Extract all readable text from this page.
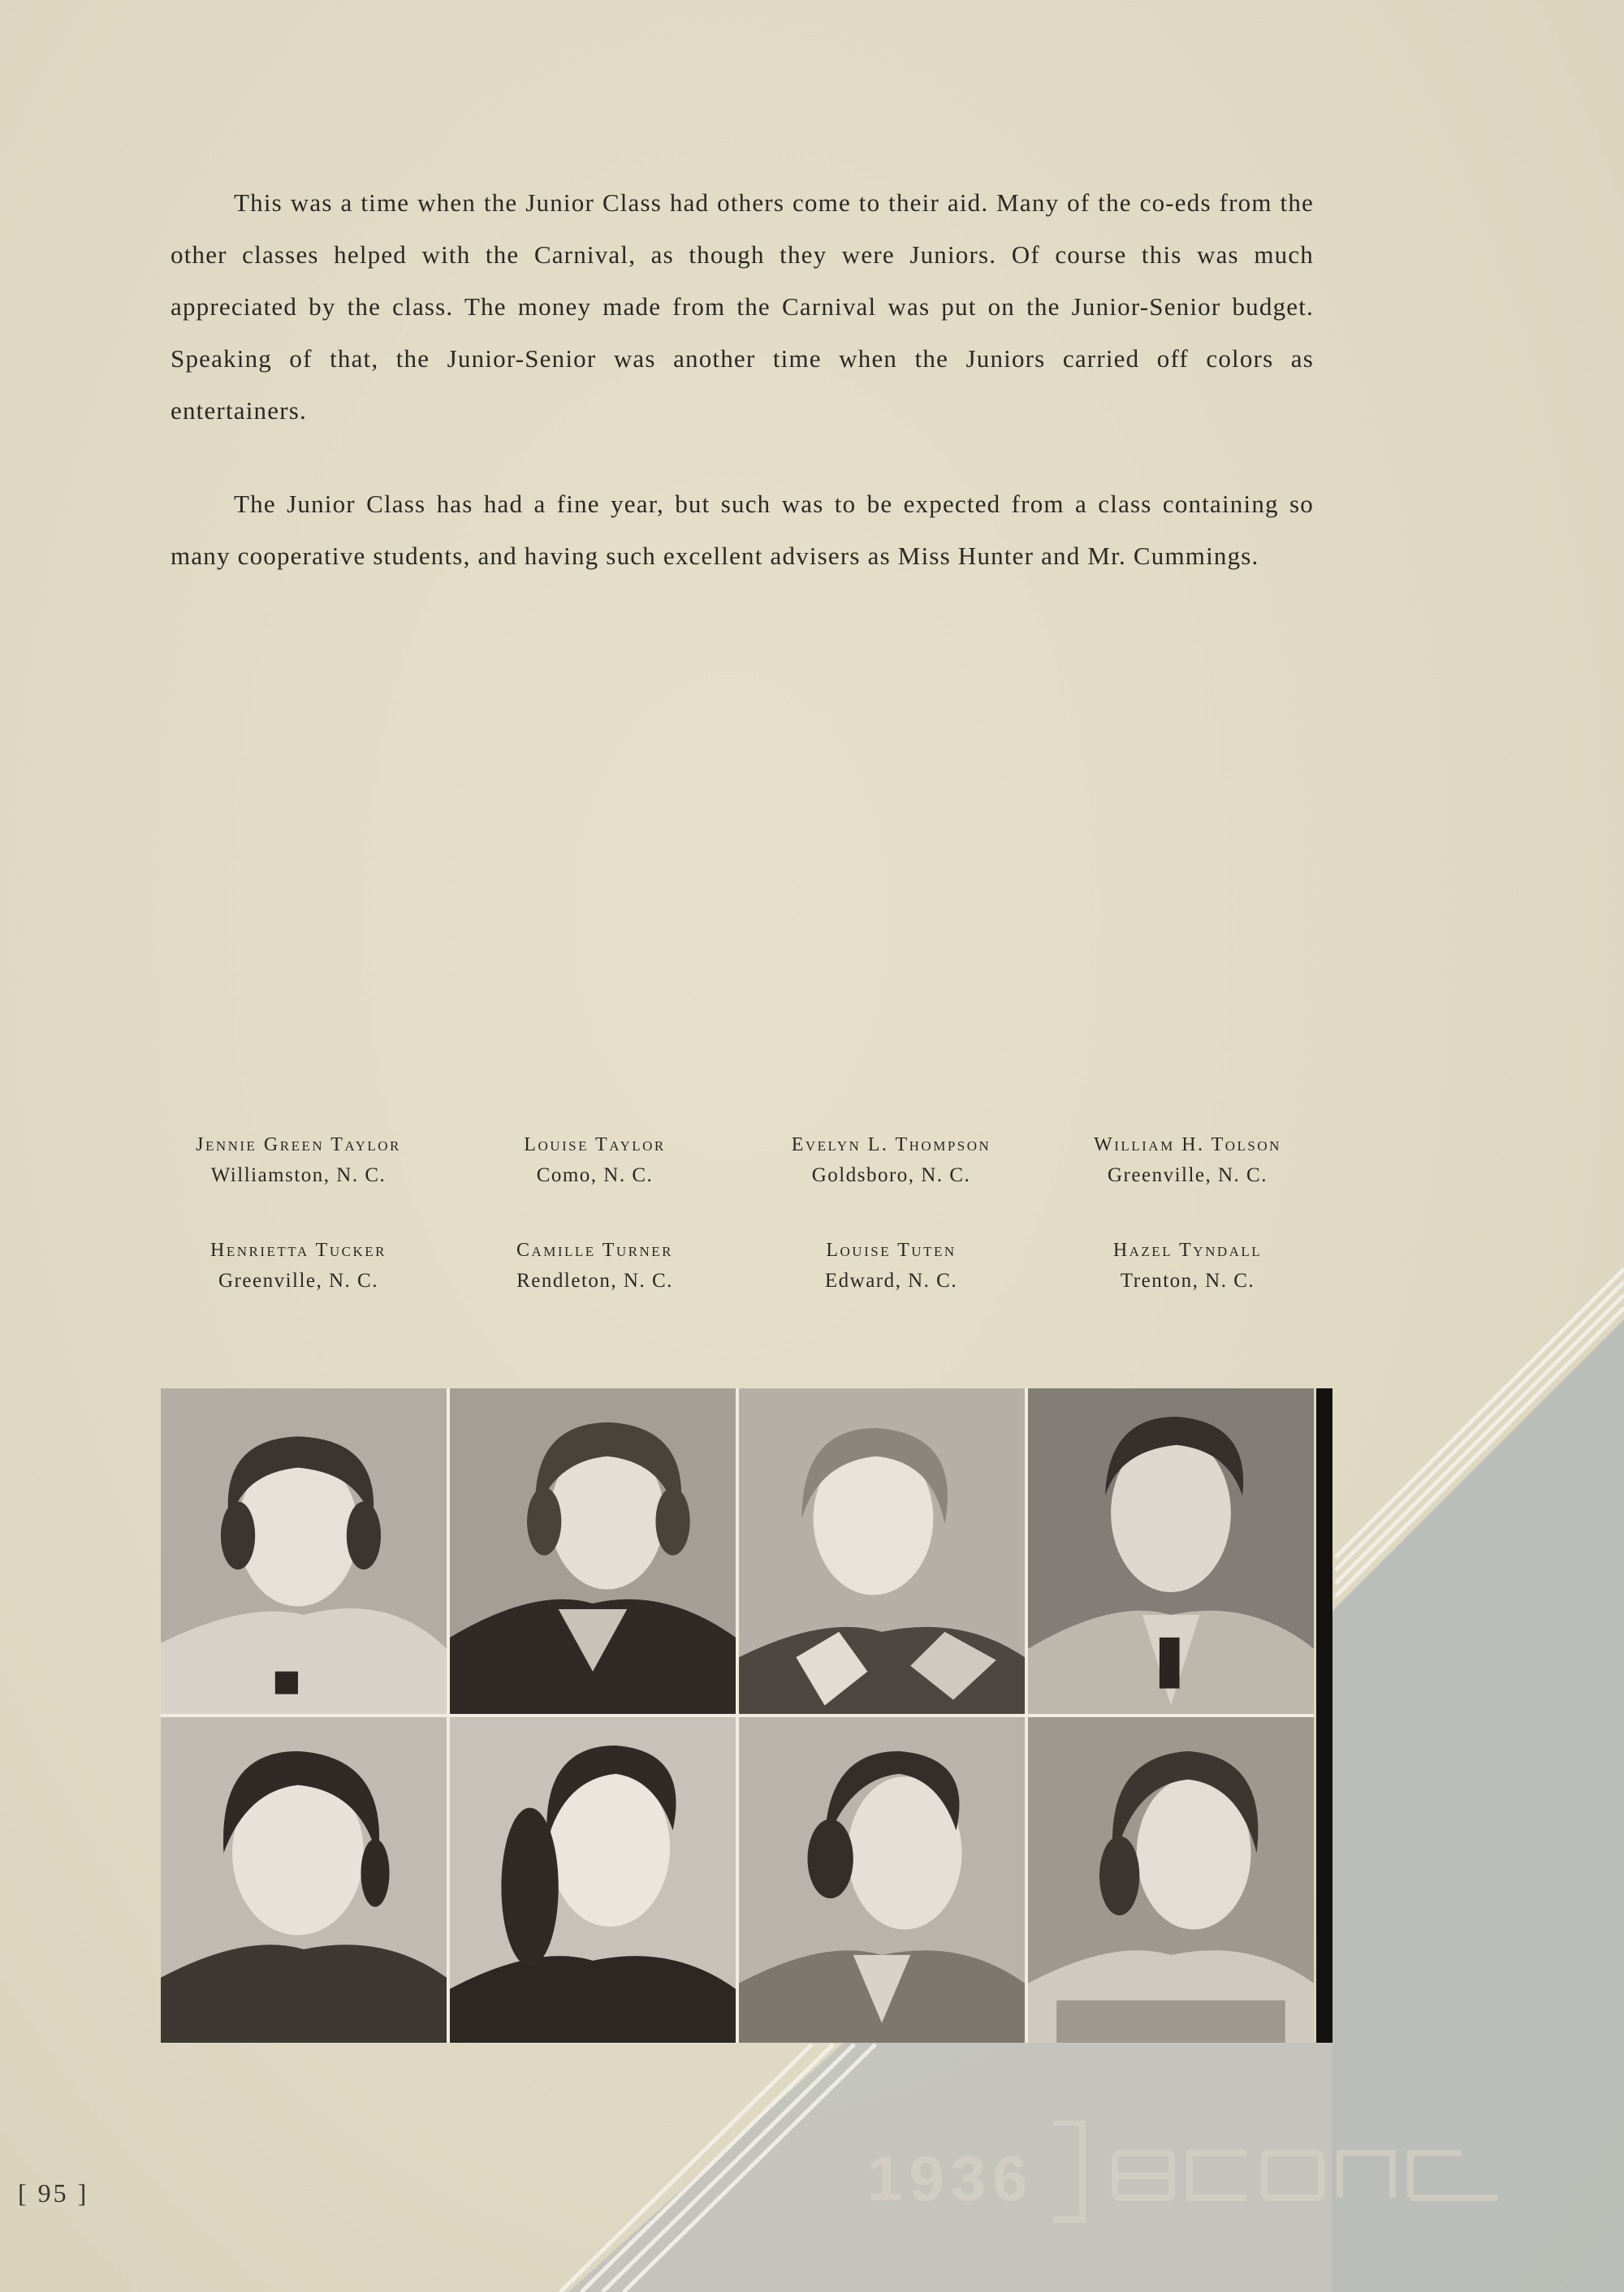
This was a time when the Junior Class had others come to their aid. Many of the co-eds from the other classes helped with the Carnival, as though they were Juniors. Of course this was much appreciated by the class. The money made from the Carnival was put on the Junior-Senior budget. Speaking of that, the Junior-Senior was another time when the Juniors carried off colors as entertainers.

The Junior Class has had a fine year, but such was to be expected from a class containing so many cooperative students, and having such excellent advisers as Miss Hunter and Mr. Cummings.

Jennie Green Taylor
Williamston, N. C.
Louise Taylor
Como, N. C.
Evelyn L. Thompson
Goldsboro, N. C.
William H. Tolson
Greenville, N. C.
Henrietta Tucker
Greenville, N. C.
Camille Turner
Rendleton, N. C.
Louise Tuten
Edward, N. C.
Hazel Tyndall
Trenton, N. C.
[ 95 ]	1936
